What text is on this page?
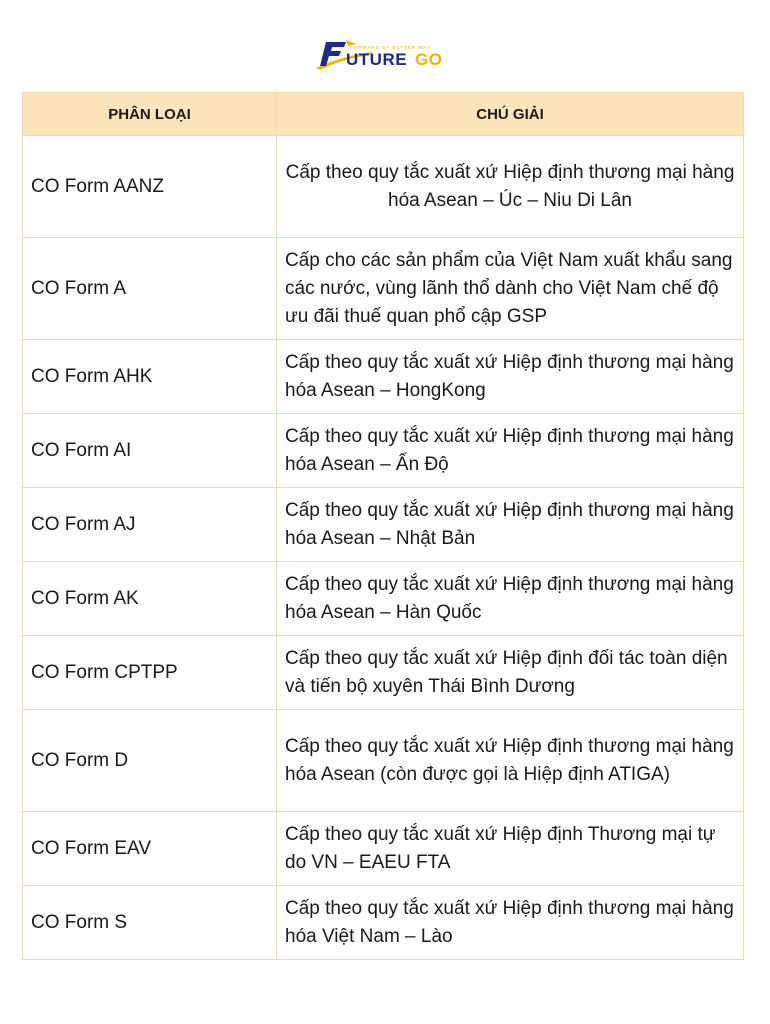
FORWARD BY BETTER WAY
UTURE GO
PHÂN LOẠI	CHÚ GIẢI
CO Form AANZ	Cấp theo quy tắc xuất xứ Hiệp định thương mại hàng hóa Asean – Úc – Niu Di Lân
CO Form A	Cấp cho các sản phẩm của Việt Nam xuất khẩu sang các nước, vùng lãnh thổ dành cho Việt Nam chế độ ưu đãi thuế quan phổ cập GSP
CO Form AHK	Cấp theo quy tắc xuất xứ Hiệp định thương mại hàng hóa Asean – HongKong
CO Form AI	Cấp theo quy tắc xuất xứ Hiệp định thương mại hàng hóa Asean – Ấn Độ
CO Form AJ	Cấp theo quy tắc xuất xứ Hiệp định thương mại hàng hóa Asean – Nhật Bản
CO Form AK	Cấp theo quy tắc xuất xứ Hiệp định thương mại hàng hóa Asean – Hàn Quốc
CO Form CPTPP	Cấp theo quy tắc xuất xứ Hiệp định đối tác toàn diện và tiến bộ xuyên Thái Bình Dương
CO Form D	Cấp theo quy tắc xuất xứ Hiệp định thương mại hàng hóa Asean (còn được gọi là Hiệp định ATIGA)
CO Form EAV	Cấp theo quy tắc xuất xứ Hiệp định Thương mại tự do VN – EAEU FTA
CO Form S	Cấp theo quy tắc xuất xứ Hiệp định thương mại hàng hóa Việt Nam – Lào
